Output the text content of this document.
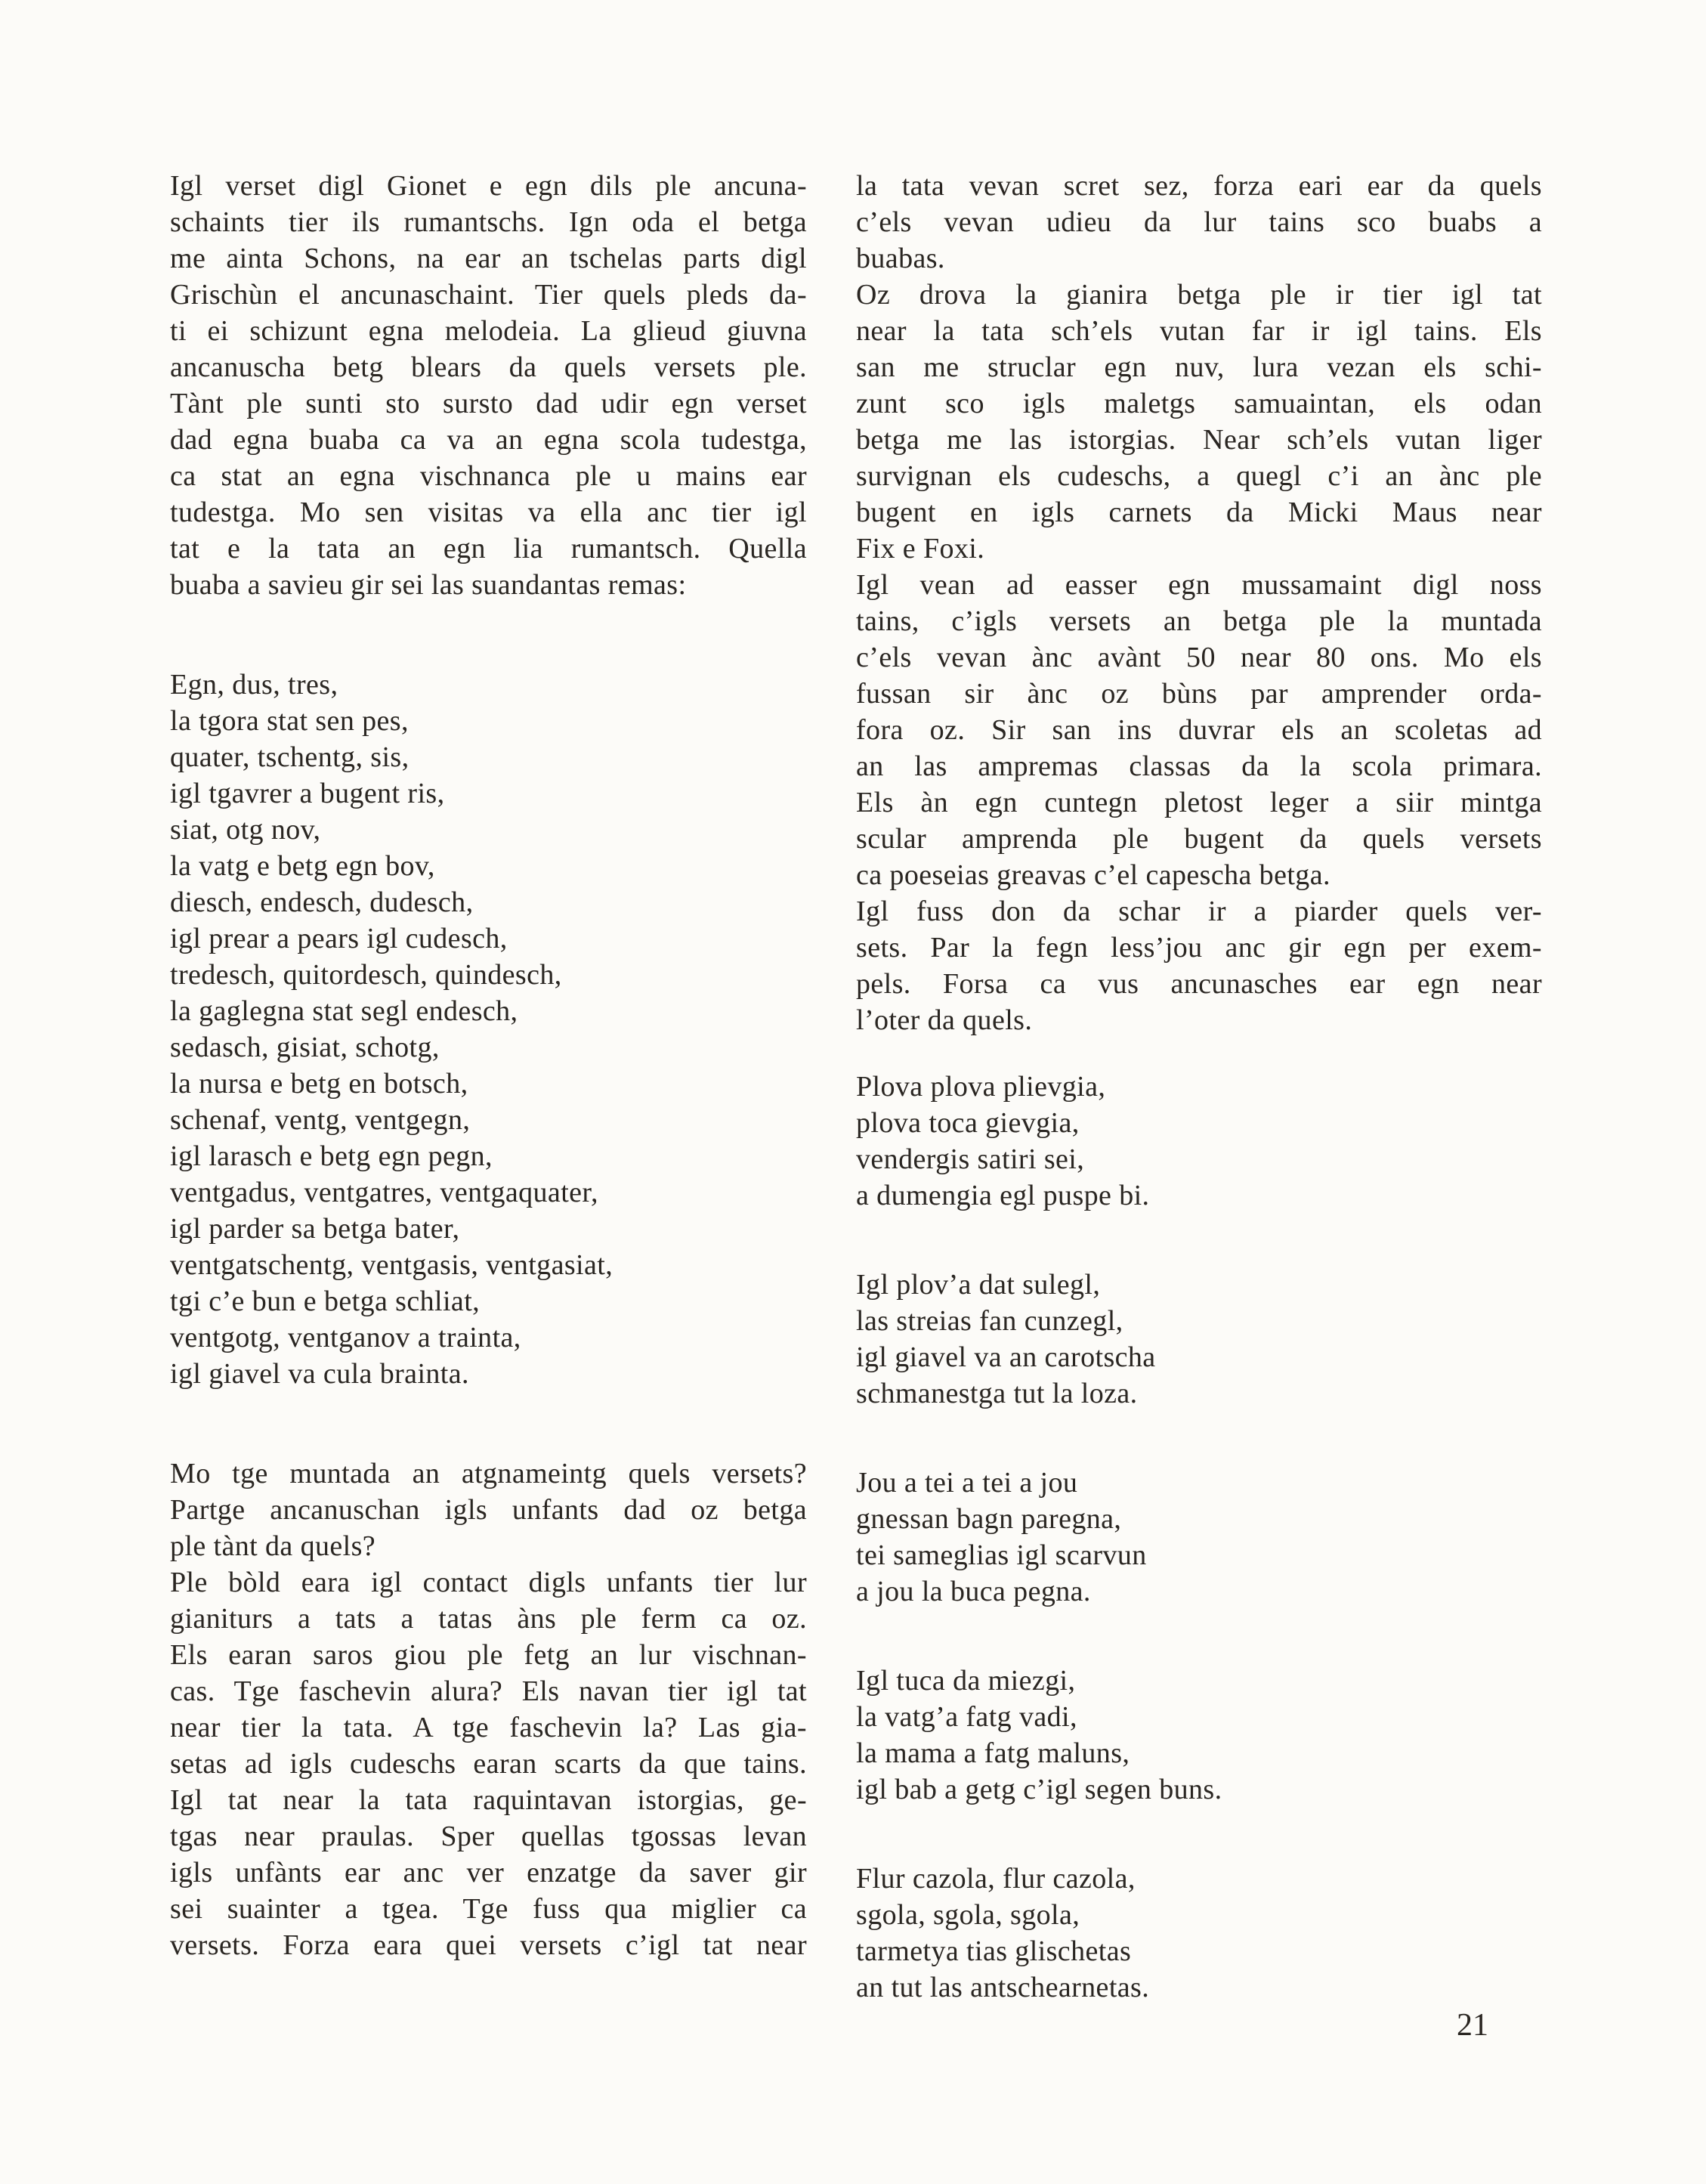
Igl verset digl Gionet e egn dils ple ancuna-
schaints tier ils rumantschs. Ign oda el betga
me ainta Schons, na ear an tschelas parts digl
Grischùn el ancunaschaint. Tier quels pleds da-
ti ei schizunt egna melodeia. La glieud giuvna
ancanuscha betg blears da quels versets ple.
Tànt ple sunti sto sursto dad udir egn verset
dad egna buaba ca va an egna scola tudestga,
ca stat an egna vischnanca ple u mains ear
tudestga. Mo sen visitas va ella anc tier igl
tat e la tata an egn lia rumantsch. Quella
buaba a savieu gir sei las suandantas remas:
Egn, dus, tres,
la tgora stat sen pes,
quater, tschentg, sis,
igl tgavrer a bugent ris,
siat, otg nov,
la vatg e betg egn bov,
diesch, endesch, dudesch,
igl prear a pears igl cudesch,
tredesch, quitordesch, quindesch,
la gaglegna stat segl endesch,
sedasch, gisiat, schotg,
la nursa e betg en botsch,
schenaf, ventg, ventgegn,
igl larasch e betg egn pegn,
ventgadus, ventgatres, ventgaquater,
igl parder sa betga bater,
ventgatschentg, ventgasis, ventgasiat,
tgi c’e bun e betga schliat,
ventgotg, ventganov a trainta,
igl giavel va cula brainta.
Mo tge muntada an atgnameintg quels versets?
Partge ancanuschan igls unfants dad oz betga
ple tànt da quels?
Ple bòld eara igl contact digls unfants tier lur
gianiturs a tats a tatas àns ple ferm ca oz.
Els earan saros giou ple fetg an lur vischnan-
cas. Tge faschevin alura? Els navan tier igl tat
near tier la tata. A tge faschevin la? Las gia-
setas ad igls cudeschs earan scarts da que tains.
Igl tat near la tata raquintavan istorgias, ge-
tgas near praulas. Sper quellas tgossas levan
igls unfànts ear anc ver enzatge da saver gir
sei suainter a tgea. Tge fuss qua miglier ca
versets. Forza eara quei versets c’igl tat near
la tata vevan scret sez, forza eari ear da quels
c’els vevan udieu da lur tains sco buabs a
buabas.
Oz drova la gianira betga ple ir tier igl tat
near la tata sch’els vutan far ir igl tains. Els
san me struclar egn nuv, lura vezan els schi-
zunt sco igls maletgs samuaintan, els odan
betga me las istorgias. Near sch’els vutan liger
survignan els cudeschs, a quegl c’i an ànc ple
bugent en igls carnets da Micki Maus near
Fix e Foxi.
Igl vean ad easser egn mussamaint digl noss
tains, c’igls versets an betga ple la muntada
c’els vevan ànc avànt 50 near 80 ons. Mo els
fussan sir ànc oz bùns par amprender orda-
fora oz. Sir san ins duvrar els an scoletas ad
an las ampremas classas da la scola primara.
Els àn egn cuntegn pletost leger a siir mintga
scular amprenda ple bugent da quels versets
ca poeseias greavas c’el capescha betga.
Igl fuss don da schar ir a piarder quels ver-
sets. Par la fegn less’jou anc gir egn per exem-
pels. Forsa ca vus ancunasches ear egn near
l’oter da quels.
Plova plova plievgia,
plova toca gievgia,
vendergis satiri sei,
a dumengia egl puspe bi.
Igl plov’a dat sulegl,
las streias fan cunzegl,
igl giavel va an carotscha
schmanestga tut la loza.
Jou a tei a tei a jou
gnessan bagn paregna,
tei sameglias igl scarvun
a jou la buca pegna.
Igl tuca da miezgi,
la vatg’a fatg vadi,
la mama a fatg maluns,
igl bab a getg c’igl segen buns.
Flur cazola, flur cazola,
sgola, sgola, sgola,
tarmetya tias glischetas
an tut las antschearnetas.
21
